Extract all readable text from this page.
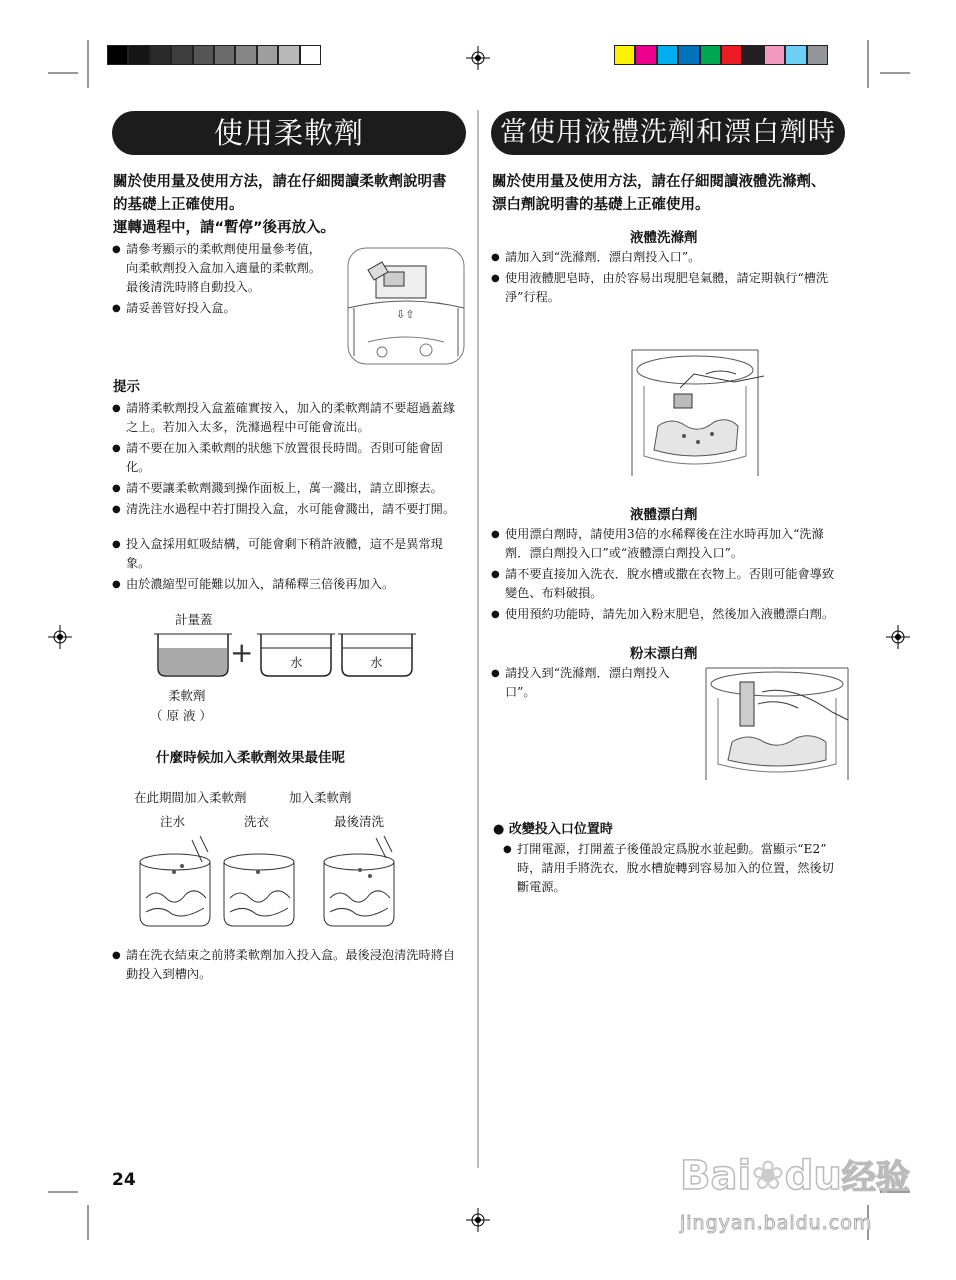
使用柔軟劑
關於使用量及使用方法，請在仔細閱讀柔軟劑說明書
的基礎上正確使用。
運轉過程中，請“暫停”後再放入。
● 請參考顯示的柔軟劑使用量參考值，
向柔軟劑投入盒加入適量的柔軟劑。
最後清洗時將自動投入。
● 請妥善管好投入盒。	⇩⇧
提示
● 請將柔軟劑投入盒蓋確實按入，加入的柔軟劑請不要超過蓋緣
之上。若加入太多，洗滌過程中可能會流出。
● 請不要在加入柔軟劑的狀態下放置很長時間。否則可能會固
化。
● 請不要讓柔軟劑濺到操作面板上，萬一濺出，請立即擦去。
● 清洗注水過程中若打開投入盒，水可能會濺出，請不要打開。
● 投入盒採用虹吸結構，可能會剩下稍許液體，這不是異常現
象。
● 由於濃縮型可能難以加入，請稀釋三倍後再加入。
計量蓋
+	水	水
柔軟劑
（ 原 液 ）
什麼時候加入柔軟劑效果最佳呢
在此期間加入柔軟劑	加入柔軟劑
注水	洗衣	最後清洗
● 請在洗衣結束之前將柔軟劑加入投入盒。最後浸泡清洗時將自
動投入到槽內。
24
當使用液體洗劑和漂白劑時
關於使用量及使用方法，請在仔細閱讀液體洗滌劑、
漂白劑說明書的基礎上正確使用。
液體洗滌劑
● 請加入到“洗滌劑．漂白劑投入口”。
● 使用液體肥皂時，由於容易出現肥皂氣體，請定期執行“槽洗
淨”行程。
液體漂白劑
● 使用漂白劑時，請使用3倍的水稀釋後在注水時再加入“洗滌
劑．漂白劑投入口”或“液體漂白劑投入口”。
● 請不要直接加入洗衣．脫水槽或撒在衣物上。否則可能會導致
變色、布料破損。
● 使用預約功能時，請先加入粉末肥皂，然後加入液體漂白劑。
粉末漂白劑
● 請投入到“洗滌劑．漂白劑投入
口”。
● 改變投入口位置時
● 打開電源，打開蓋子後僅設定爲脫水並起動。當顯示“E2”
時，請用手將洗衣．脫水槽旋轉到容易加入的位置，然後切
斷電源。
Bai❀du经验
jingyan.baidu.com
